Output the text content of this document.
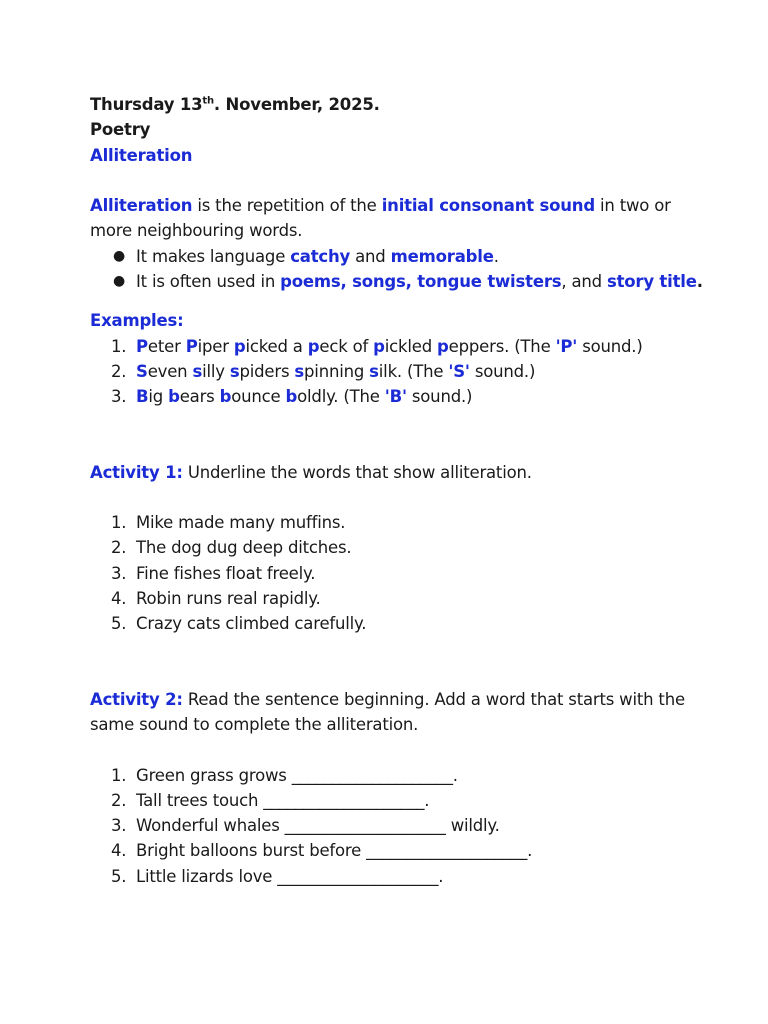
Thursday 13th. November, 2025.
Poetry
Alliteration
Alliteration is the repetition of the initial consonant sound in two or
more neighbouring words.
● It makes language catchy and memorable.
● It is often used in poems, songs, tongue twisters, and story title.
Examples:
1. Peter Piper picked a peck of pickled peppers. (The 'P' sound.)
2. Seven silly spiders spinning silk. (The 'S' sound.)
3. Big bears bounce boldly. (The 'B' sound.)
Activity 1: Underline the words that show alliteration.
1. Mike made many muffins.
2. The dog dug deep ditches.
3. Fine fishes float freely.
4. Robin runs real rapidly.
5. Crazy cats climbed carefully.
Activity 2: Read the sentence beginning. Add a word that starts with the
same sound to complete the alliteration.
1. Green grass grows ____________________.
2. Tall trees touch ____________________.
3. Wonderful whales ____________________ wildly.
4. Bright balloons burst before ____________________.
5. Little lizards love ____________________.
